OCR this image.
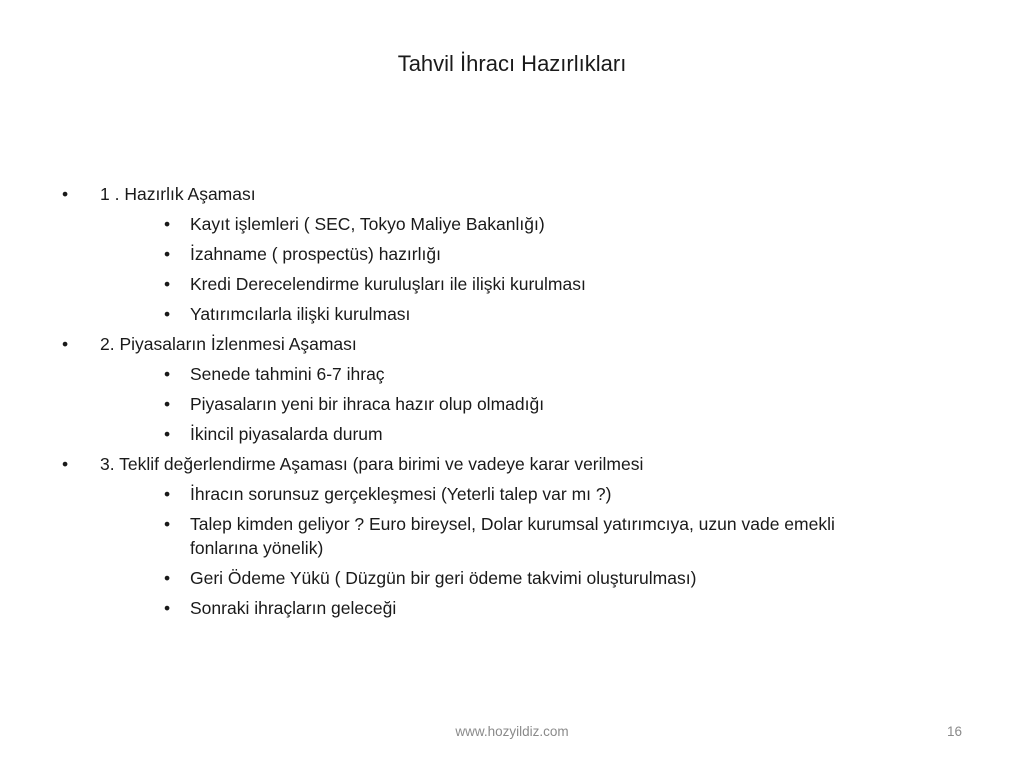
Tahvil İhracı Hazırlıkları
• 1 . Hazırlık Aşaması
• Kayıt işlemleri ( SEC, Tokyo Maliye Bakanlığı)
• İzahname ( prospectüs) hazırlığı
• Kredi Derecelendirme kuruluşları ile ilişki kurulması
• Yatırımcılarla ilişki kurulması
• 2. Piyasaların İzlenmesi Aşaması
• Senede tahmini 6-7 ihraç
• Piyasaların yeni bir ihraca hazır olup olmadığı
• İkincil piyasalarda durum
• 3. Teklif değerlendirme Aşaması (para birimi ve vadeye karar verilmesi
• İhracın sorunsuz gerçekleşmesi (Yeterli talep var mı ?)
• Talep kimden geliyor ? Euro bireysel, Dolar kurumsal yatırımcıya, uzun vade emekli fonlarına yönelik)
• Geri Ödeme Yükü ( Düzgün bir geri ödeme takvimi oluşturulması)
• Sonraki ihraçların geleceği
www.hozyildiz.com	16
